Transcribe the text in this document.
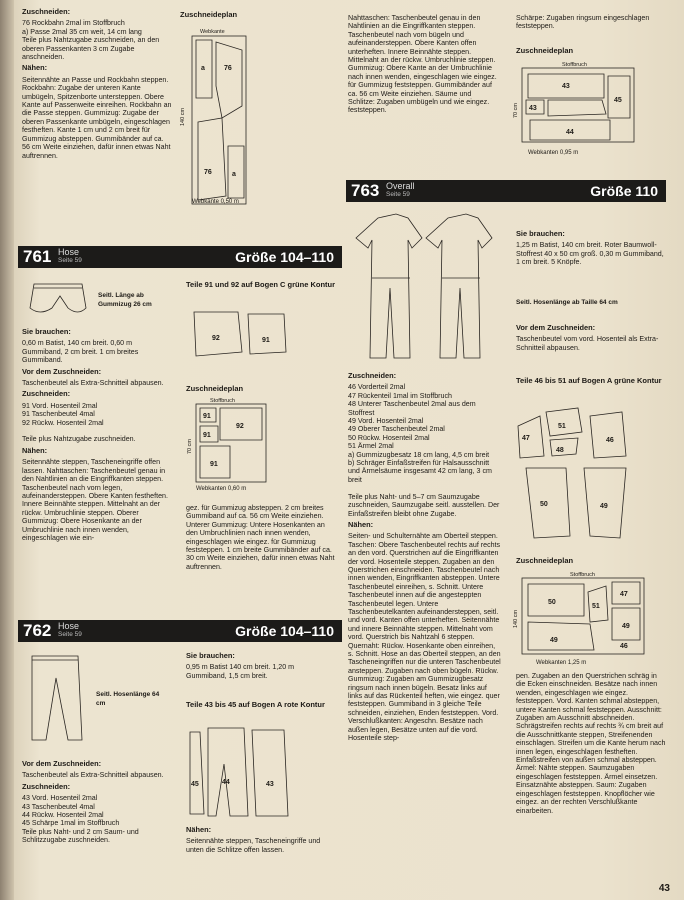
Zuschneiden:

76 Rockbahn 2mal im Stoffbruch
a) Passe 2mal 35 cm weit, 14 cm lang
Teile plus Nahtzugabe zuschneiden, an den oberen Passenkanten 3 cm Zugabe anschneiden.

Nähen:

Seitennähte an Passe und Rockbahn steppen. Rockbahn: Zugabe der unteren Kante umbügeln, Spitzenborte untersteppen. Obere Kante auf Passenweite einreihen. Rockbahn an die Passe steppen. Gummizug: Zugabe der oberen Passenkante umbügeln, eingeschlagen festheften. Kante 1 cm und 2 cm breit für Gummizug absteppen. Gummibänder auf ca. 56 cm Weite einziehen, dafür innen etwas Naht auftrennen.

Zuschneideplan
Webkante
a	76
76	a
140 cm
Webkante 0,50 m
761 Hose
Seite 59	Größe 104–110
Seitl. Länge ab Gummizug 26 cm

Sie brauchen:

0,60 m Batist, 140 cm breit. 0,60 m Gummiband, 2 cm breit. 1 cm breites Gummiband.

Vor dem Zuschneiden:

Taschenbeutel als Extra-Schnitteil abpausen.

Zuschneiden:

91 Vord. Hosenteil 2mal
91 Taschenbeutel 4mal
92 Rückw. Hosenteil 2mal

Teile plus Nahtzugabe zuschneiden.

Nähen:

Seitennähte steppen, Tascheneingriffe offen lassen. Nahttaschen: Taschenbeutel genau in den Nahtlinien an die Eingriffkanten steppen. Taschenbeutel nach vorn legen, aufeinandersteppen. Obere Kanten festheften. Innere Beinnähte steppen. Mittelnaht an der rückw. Umbruchlinie steppen. Oberer Gummizug: Obere Hosenkante an der Umbruchlinie nach innen wenden, eingeschlagen wie ein-

Teile 91 und 92 auf Bogen C grüne Kontur
92	91
Zuschneideplan
Stoffbruch
91
92
91
91
70 cm
Webkanten 0,60 m
gez. für Gummizug absteppen. 2 cm breites Gummiband auf ca. 56 cm Weite einziehen. Unterer Gummizug: Untere Hosenkanten an den Umbruchlinien nach innen wenden, eingeschlagen wie eingez. für Gummizug feststeppen. 1 cm breite Gummibänder auf ca. 30 cm Weite einziehen, dafür innen etwas Naht auftrennen.
762 Hose
Seite 59	Größe 104–110
Seitl. Hosenlänge 64 cm

Vor dem Zuschneiden:

Taschenbeutel als Extra-Schnitteil abpausen.

Zuschneiden:

43 Vord. Hosenteil 2mal
43 Taschenbeutel 4mal
44 Rückw. Hosenteil 2mal
45 Schärpe 1mal im Stoffbruch
Teile plus Naht- und 2 cm Saum- und Schlitzzugabe zuschneiden.

Sie brauchen:

0,95 m Batist 140 cm breit. 1,20 m Gummiband, 1,5 cm breit.

Teile 43 bis 45 auf Bogen A rote Kontur
45	44	43

Nähen:

Seitennähte steppen, Tascheneingriffe und unten die Schlitze offen lassen.

Nahttaschen: Taschenbeutel genau in den Nahtlinien an die Eingriffkanten steppen. Taschenbeutel nach vorn bügeln und aufeinandersteppen. Obere Kanten offen unterheften. Innere Beinnähte steppen. Mittelnaht an der rückw. Umbruchlinie steppen. Gummizug: Obere Kante an der Umbruchlinie nach innen wenden, eingeschlagen wie eingez. für Gummizug feststeppen. Gummibänder auf ca. 56 cm Weite einziehen. Säume und Schlitze: Zugaben umbügeln und wie eingez. feststeppen.
Schärpe: Zugaben ringsum eingeschlagen feststeppen.
Zuschneideplan
Stoffbruch
43
43
45
44
70 cm
Webkanten 0,95 m
763 Overall
Seite 59	Größe 110

Zuschneiden:

46 Vorderteil 2mal
47 Rückenteil 1mal im Stoffbruch
48 Unterer Taschenbeutel 2mal aus dem Stoffrest
49 Vord. Hosenteil 2mal
49 Oberer Taschenbeutel 2mal
50 Rückw. Hosenteil 2mal
51 Ärmel 2mal
a) Gummizugbesatz 18 cm lang, 4,5 cm breit
b) Schräger Einfaßstreifen für Halsausschnitt und Ärmelsäume insgesamt 42 cm lang, 3 cm breit

Teile plus Naht- und 5–7 cm Saumzugabe zuschneiden, Saumzugabe seitl. ausstellen. Der Einfaßstreifen bleibt ohne Zugabe.

Nähen:

Seiten- und Schulternähte am Oberteil steppen. Taschen: Obere Taschenbeutel rechts auf rechts an den vord. Querstrichen auf die Eingriffkanten der vord. Hosenteile steppen. Zugaben an den Querstrichen einschneiden. Taschenbeutel nach innen wenden, Eingriffkanten absteppen. Untere Taschenbeutel einreihen, s. Schnitt. Untere Taschenbeutel innen auf die angesteppten Taschenbeutel legen. Untere Taschenbeutelkanten aufeinandersteppen, seitl. und vord. Kanten offen unterheften. Seitennähte und innere Beinnähte steppen. Mittelnaht vom vord. Querstrich bis Nahtzahl 6 steppen. Quernaht: Rückw. Hosenkante oben einreihen, s. Schnitt. Hose an das Oberteil steppen, an den Tascheneingriffen nur die unteren Taschenbeutel ansteppen. Zugaben nach oben bügeln. Rückw. Gummizug: Zugaben am Gummizugbesatz ringsum nach innen bügeln. Besatz links auf links auf das Rückenteil heften, wie eingez. quer feststeppen. Gummiband in 3 gleiche Teile schneiden, einziehen, Enden feststeppen. Vord. Verschlußkanten: Angeschn. Besätze nach außen legen, Besätze unten auf die vord. Hosenteile step-

Sie brauchen:

1,25 m Batist, 140 cm breit. Roter Baumwoll-Stoffrest 40 x 50 cm groß. 0,30 m Gummiband, 1 cm breit. 5 Knöpfe.

Seitl. Hosenlänge ab Taille 64 cm

Vor dem Zuschneiden:

Taschenbeutel vom vord. Hosenteil als Extra-Schnitteil abpausen.

Teile 46 bis 51 auf Bogen A grüne Kontur
47
51
48
46
50	49
Zuschneideplan
Stoffbruch
50
51
47
49
49
46
140 cm
Webkanten 1,25 m
pen. Zugaben an den Querstrichen schräg in die Ecken einschneiden. Besätze nach innen wenden, eingeschlagen wie eingez. feststeppen. Vord. Kanten schmal absteppen, untere Kanten schmal feststeppen. Ausschnitt: Zugaben am Ausschnitt abschneiden. Schrägstreifen rechts auf rechts ¾ cm breit auf die Ausschnittkante steppen, Streifenenden einschlagen. Streifen um die Kante herum nach innen legen, eingeschlagen festheften. Einfaßstreifen von außen schmal absteppen. Ärmel: Nähte steppen. Saumzugaben eingeschlagen feststeppen. Ärmel einsetzen. Einsatznähte absteppen. Saum: Zugaben eingeschlagen feststeppen. Knopflöcher wie eingez. an der rechten Verschlußkante einarbeiten.
43
